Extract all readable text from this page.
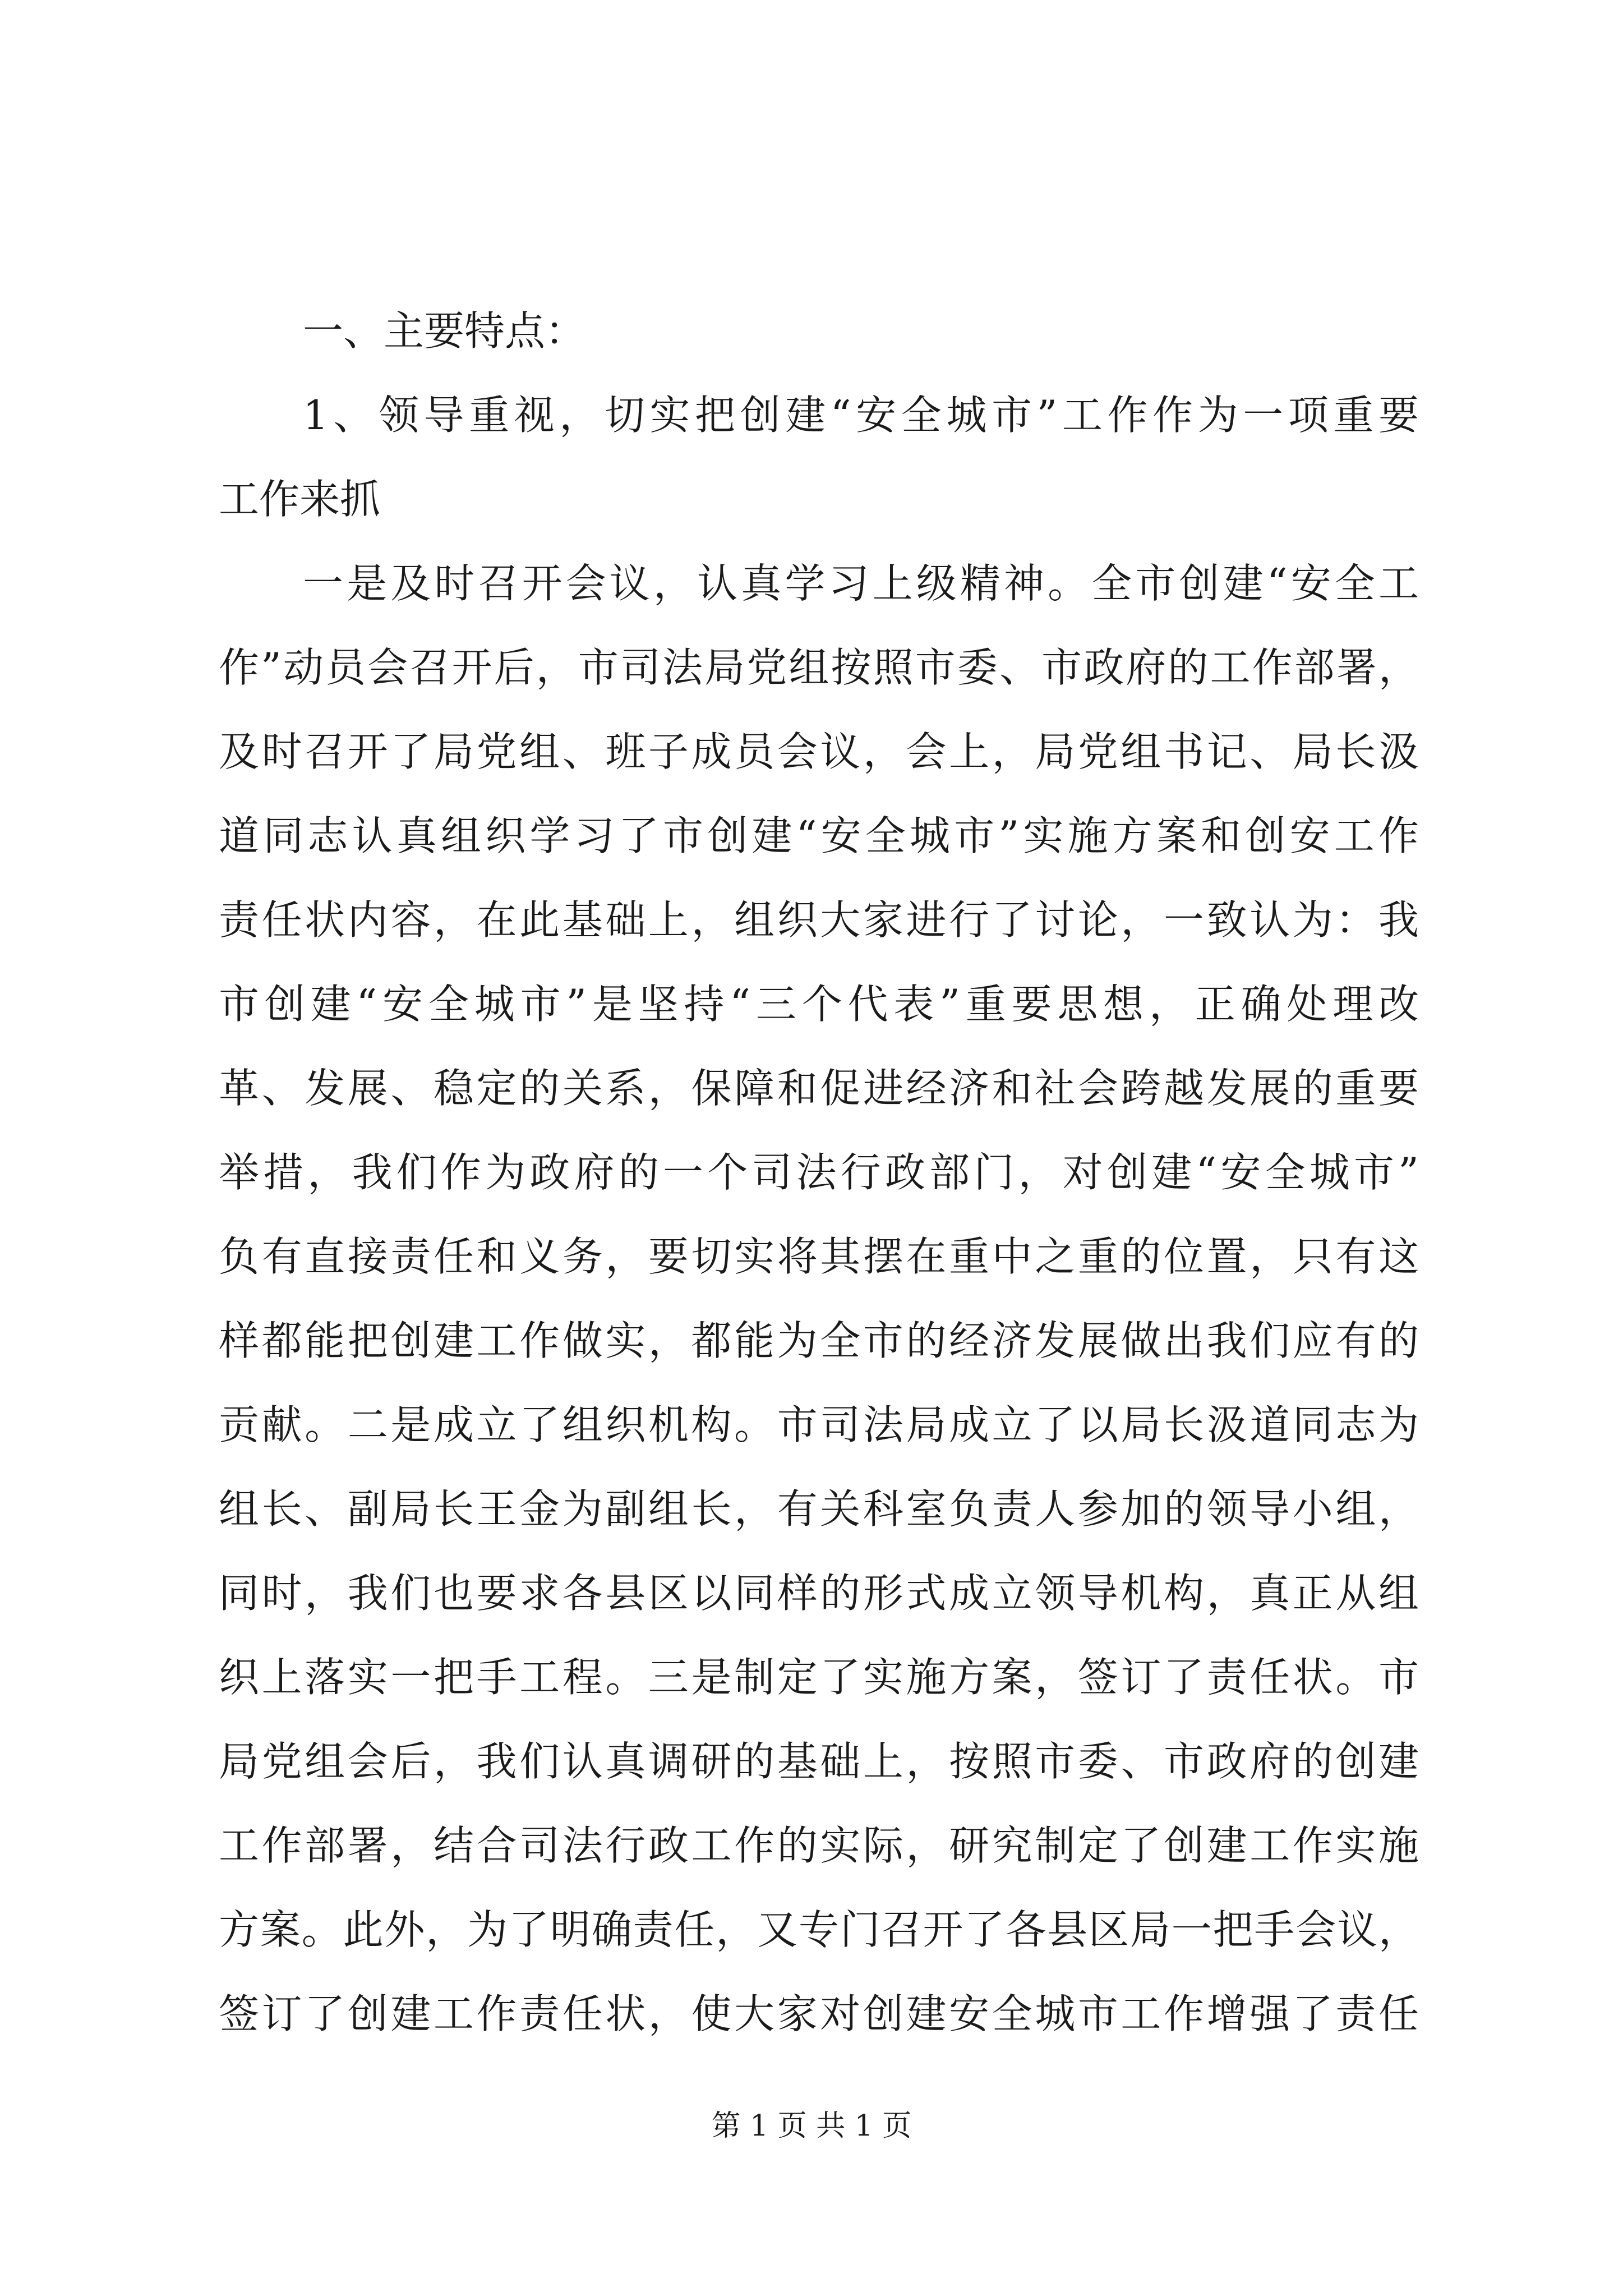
一、主要特点：
1、领导重视，切实把创建“安全城市”工作作为一项重要
工作来抓
一是及时召开会议，认真学习上级精神。全市创建“安全工
作”动员会召开后，市司法局党组按照市委、市政府的工作部署，
及时召开了局党组、班子成员会议，会上，局党组书记、局长汲
道同志认真组织学习了市创建“安全城市”实施方案和创安工作
责任状内容，在此基础上，组织大家进行了讨论，一致认为：我
市创建“安全城市”是坚持“三个代表”重要思想，正确处理改
革、发展、稳定的关系，保障和促进经济和社会跨越发展的重要
举措，我们作为政府的一个司法行政部门，对创建“安全城市”
负有直接责任和义务，要切实将其摆在重中之重的位置，只有这
样都能把创建工作做实，都能为全市的经济发展做出我们应有的
贡献。二是成立了组织机构。市司法局成立了以局长汲道同志为
组长、副局长王金为副组长，有关科室负责人参加的领导小组，
同时，我们也要求各县区以同样的形式成立领导机构，真正从组
织上落实一把手工程。三是制定了实施方案，签订了责任状。市
局党组会后，我们认真调研的基础上，按照市委、市政府的创建
工作部署，结合司法行政工作的实际，研究制定了创建工作实施
方案。此外，为了明确责任，又专门召开了各县区局一把手会议，
签订了创建工作责任状，使大家对创建安全城市工作增强了责任
第 1 页 共 1 页
